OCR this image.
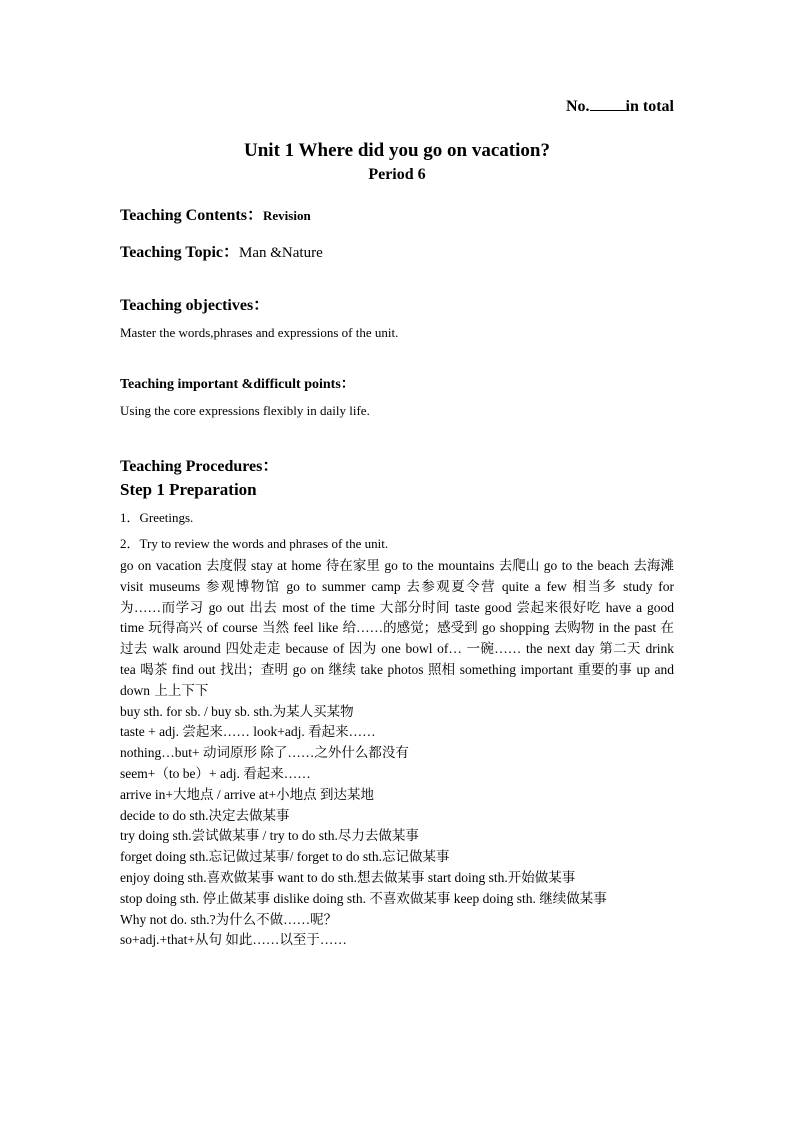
No. in total
Unit 1 Where did you go on vacation?
Period 6
Teaching Contents：Revision
Teaching Topic：Man &Nature
Teaching objectives：

Master the words,phrases and expressions of the unit.

Teaching important &difficult points：

Using the core expressions flexibly in daily life.

Teaching Procedures：
Step 1 Preparation

1．Greetings.

2．Try to review the words and phrases of the unit.

go on vacation 去度假 stay at home 待在家里 go to the mountains 去爬山 go to the beach 去海滩 visit museums 参观博物馆 go to summer camp 去参观夏令营 quite a few 相当多 study for 为……而学习 go out 出去 most of the time 大部分时间 taste good 尝起来很好吃 have a good time 玩得高兴 of course 当然 feel like 给……的感觉；感受到 go shopping 去购物 in the past 在过去 walk around 四处走走 because of 因为 one bowl of… 一碗…… the next day 第二天 drink tea 喝茶 find out 找出；查明 go on 继续 take photos 照相 something important 重要的事 up and down 上上下下

buy sth. for sb. / buy sb. sth.为某人买某物

taste + adj. 尝起来…… look+adj. 看起来……

nothing…but+ 动词原形 除了……之外什么都没有

seem+（to be）+ adj. 看起来……

arrive in+大地点 / arrive at+小地点 到达某地

decide to do sth.决定去做某事

try doing sth.尝试做某事 / try to do sth.尽力去做某事

forget doing sth.忘记做过某事/ forget to do sth.忘记做某事

enjoy doing sth.喜欢做某事 want to do sth.想去做某事 start doing sth.开始做某事

stop doing sth. 停止做某事 dislike doing sth. 不喜欢做某事 keep doing sth. 继续做某事

Why not do. sth.?为什么不做……呢？

so+adj.+that+从句 如此……以至于……
